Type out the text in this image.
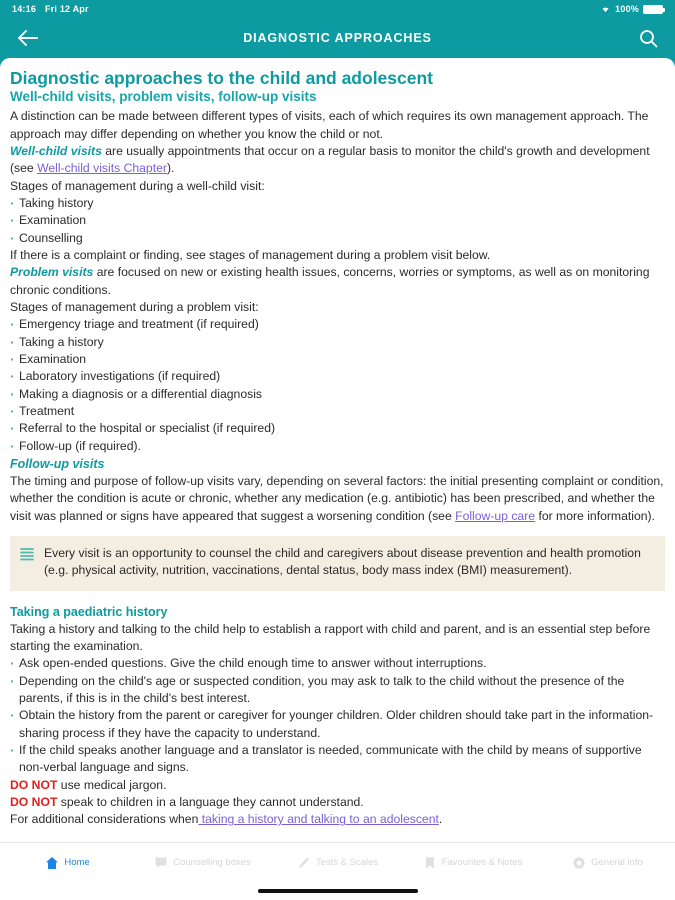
14:16 Fri 12 Apr	100%
DIAGNOSTIC APPROACHES
Diagnostic approaches to the child and adolescent
Well-child visits, problem visits, follow-up visits

A distinction can be made between different types of visits, each of which requires its own management approach. The approach may differ depending on whether you know the child or not.

Well-child visits are usually appointments that occur on a regular basis to monitor the child's growth and development (see Well-child visits Chapter).

Stages of management during a well-child visit:

· Taking history
· Examination
· Counselling

If there is a complaint or finding, see stages of management during a problem visit below.

Problem visits are focused on new or existing health issues, concerns, worries or symptoms, as well as on monitoring chronic conditions.

Stages of management during a problem visit:

· Emergency triage and treatment (if required)
· Taking a history
· Examination
· Laboratory investigations (if required)
· Making a diagnosis or a differential diagnosis
· Treatment
· Referral to the hospital or specialist (if required)
· Follow-up (if required).
Follow-up visits

The timing and purpose of follow-up visits vary, depending on several factors: the initial presenting complaint or condition, whether the condition is acute or chronic, whether any medication (e.g. antibiotic) has been prescribed, and whether the visit was planned or signs have appeared that suggest a worsening condition (see Follow-up care for more information).

Every visit is an opportunity to counsel the child and caregivers about disease prevention and health promotion (e.g. physical activity, nutrition, vaccinations, dental status, body mass index (BMI) measurement).

Taking a paediatric history

Taking a history and talking to the child help to establish a rapport with child and parent, and is an essential step before starting the examination.

· Ask open-ended questions. Give the child enough time to answer without interruptions.
· Depending on the child's age or suspected condition, you may ask to talk to the child without the presence of the parents, if this is in the child's best interest.
· Obtain the history from the parent or caregiver for younger children. Older children should take part in the information-sharing process if they have the capacity to understand.
· If the child speaks another language and a translator is needed, communicate with the child by means of supportive non-verbal language and signs.

DO NOT use medical jargon.

DO NOT speak to children in a language they cannot understand.

For additional considerations when taking a history and talking to an adolescent.

Home	Counselling boxes	Tests & Scales	Favourites & Notes	General info
